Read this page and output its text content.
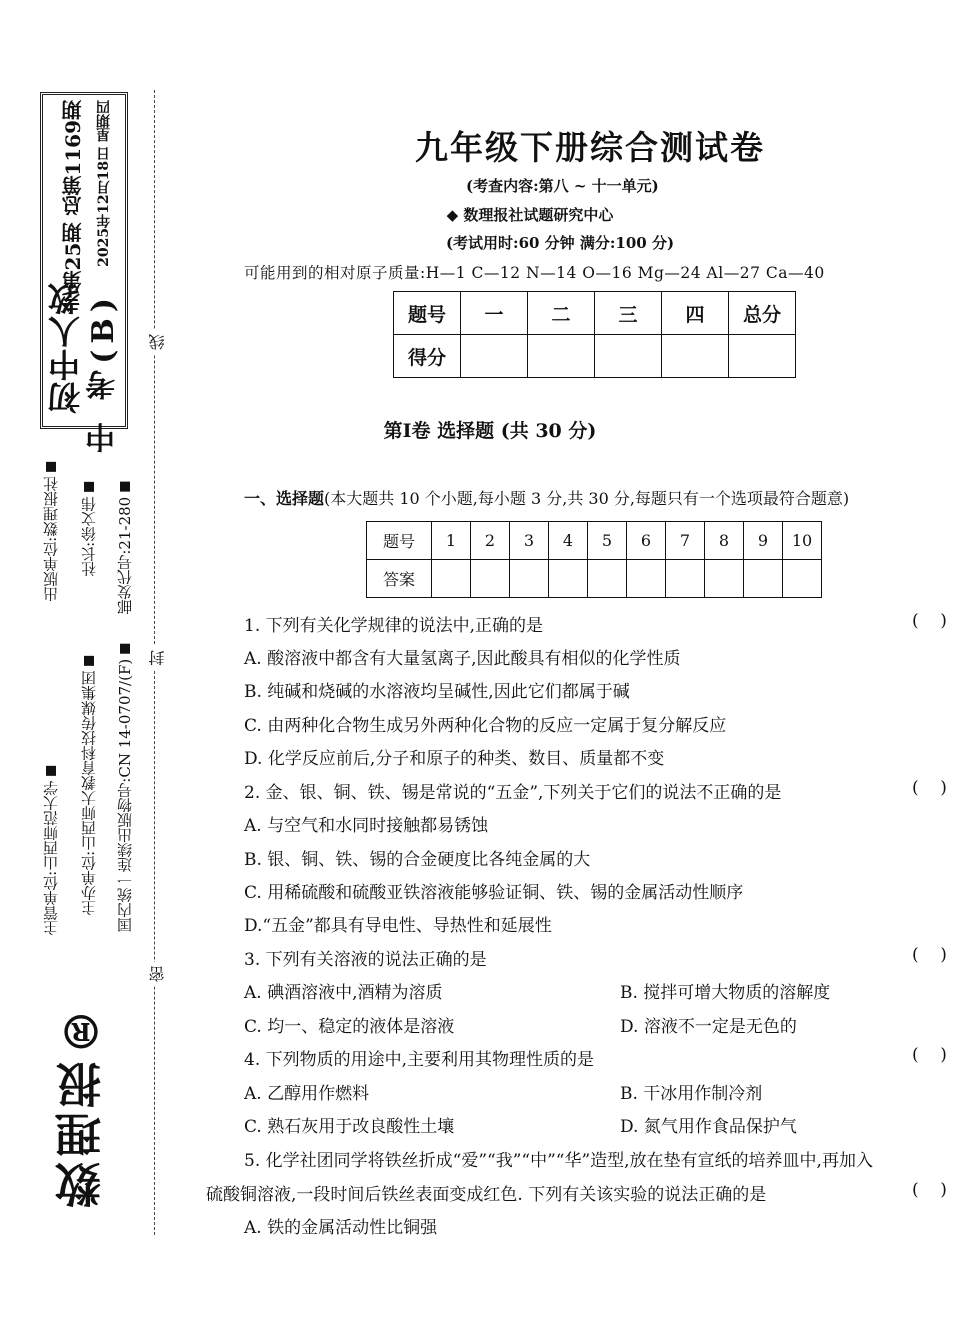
初中人教 中 考(B)
第25期 总第1169期 2025年12月18日 星期四
出版单位:数理报社 社长:徐文伟 邮发代号:21-280
主管单位:山西师范大学 主办单位:山西师大教育科技传媒集团 国内统一连续出版物号:CN 14-0707/(F)
数理报®
线
封
密
九年级下册综合测试卷
(考查内容:第八 ~ 十一单元)
◆ 数理报社试题研究中心
(考试用时:60 分钟 满分:100 分)
可能用到的相对原子质量:H—1 C—12 N—14 O—16 Mg—24 Al—27 Ca—40
题号	一	二	三	四	总分
得分					
第Ⅰ卷 选择题 (共 30 分)
一、选择题(本大题共 10 个小题,每小题 3 分,共 30 分,每题只有一个选项最符合题意)
题号	1	2	3	4	5	6	7	8	9	10
答案										
1. 下列有关化学规律的说法中,正确的是	(    )
A. 酸溶液中都含有大量氢离子,因此酸具有相似的化学性质
B. 纯碱和烧碱的水溶液均呈碱性,因此它们都属于碱
C. 由两种化合物生成另外两种化合物的反应一定属于复分解反应
D. 化学反应前后,分子和原子的种类、数目、质量都不变
2. 金、银、铜、铁、锡是常说的“五金”,下列关于它们的说法不正确的是	(    )
A. 与空气和水同时接触都易锈蚀
B. 银、铜、铁、锡的合金硬度比各纯金属的大
C. 用稀硫酸和硫酸亚铁溶液能够验证铜、铁、锡的金属活动性顺序
D.“五金”都具有导电性、导热性和延展性
3. 下列有关溶液的说法正确的是	(    )
A. 碘酒溶液中,酒精为溶质	B. 搅拌可增大物质的溶解度
C. 均一、稳定的液体是溶液	D. 溶液不一定是无色的
4. 下列物质的用途中,主要利用其物理性质的是	(    )
A. 乙醇用作燃料	B. 干冰用作制冷剂
C. 熟石灰用于改良酸性土壤	D. 氮气用作食品保护气
5. 化学社团同学将铁丝折成“爱”“我”“中”“华”造型,放在垫有宣纸的培养皿中,再加入
硫酸铜溶液,一段时间后铁丝表面变成红色. 下列有关该实验的说法正确的是	(    )
A. 铁的金属活动性比铜强
